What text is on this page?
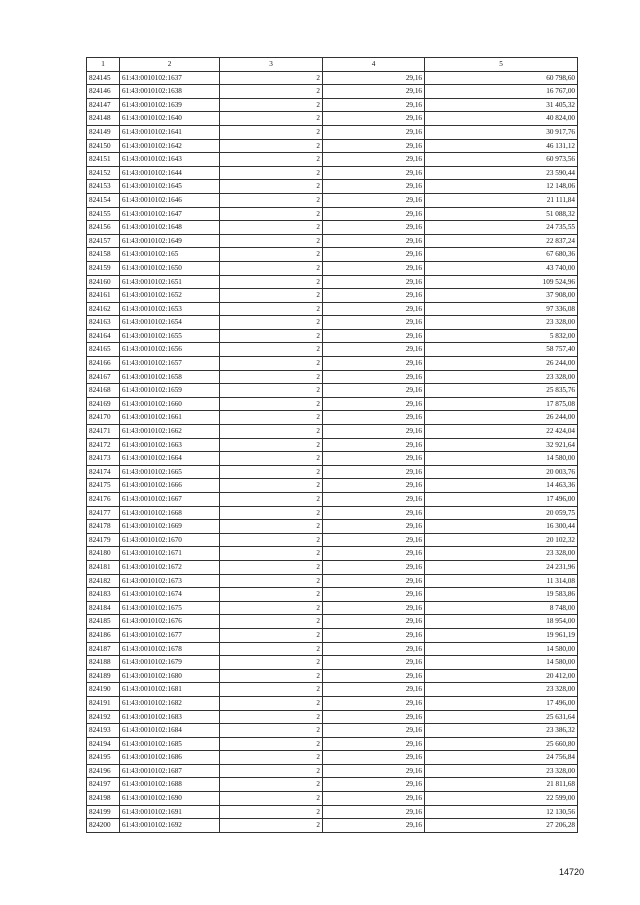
1	2	3	4	5
824145	61:43:0010102:1637	2	29,16	60 798,60
824146	61:43:0010102:1638	2	29,16	16 767,00
824147	61:43:0010102:1639	2	29,16	31 405,32
824148	61:43:0010102:1640	2	29,16	40 824,00
824149	61:43:0010102:1641	2	29,16	30 917,76
824150	61:43:0010102:1642	2	29,16	46 131,12
824151	61:43:0010102:1643	2	29,16	60 973,56
824152	61:43:0010102:1644	2	29,16	23 590,44
824153	61:43:0010102:1645	2	29,16	12 148,06
824154	61:43:0010102:1646	2	29,16	21 111,84
824155	61:43:0010102:1647	2	29,16	51 088,32
824156	61:43:0010102:1648	2	29,16	24 735,55
824157	61:43:0010102:1649	2	29,16	22 837,24
824158	61:43:0010102:165	2	29,16	67 680,36
824159	61:43:0010102:1650	2	29,16	43 740,00
824160	61:43:0010102:1651	2	29,16	109 524,96
824161	61:43:0010102:1652	2	29,16	37 908,00
824162	61:43:0010102:1653	2	29,16	97 336,08
824163	61:43:0010102:1654	2	29,16	23 328,00
824164	61:43:0010102:1655	2	29,16	5 832,00
824165	61:43:0010102:1656	2	29,16	58 757,40
824166	61:43:0010102:1657	2	29,16	26 244,00
824167	61:43:0010102:1658	2	29,16	23 328,00
824168	61:43:0010102:1659	2	29,16	25 835,76
824169	61:43:0010102:1660	2	29,16	17 875,08
824170	61:43:0010102:1661	2	29,16	26 244,00
824171	61:43:0010102:1662	2	29,16	22 424,04
824172	61:43:0010102:1663	2	29,16	32 921,64
824173	61:43:0010102:1664	2	29,16	14 580,00
824174	61:43:0010102:1665	2	29,16	20 003,76
824175	61:43:0010102:1666	2	29,16	14 463,36
824176	61:43:0010102:1667	2	29,16	17 496,00
824177	61:43:0010102:1668	2	29,16	20 059,75
824178	61:43:0010102:1669	2	29,16	16 300,44
824179	61:43:0010102:1670	2	29,16	20 102,32
824180	61:43:0010102:1671	2	29,16	23 328,00
824181	61:43:0010102:1672	2	29,16	24 231,96
824182	61:43:0010102:1673	2	29,16	11 314,08
824183	61:43:0010102:1674	2	29,16	19 583,86
824184	61:43:0010102:1675	2	29,16	8 748,00
824185	61:43:0010102:1676	2	29,16	18 954,00
824186	61:43:0010102:1677	2	29,16	19 961,19
824187	61:43:0010102:1678	2	29,16	14 580,00
824188	61:43:0010102:1679	2	29,16	14 580,00
824189	61:43:0010102:1680	2	29,16	20 412,00
824190	61:43:0010102:1681	2	29,16	23 328,00
824191	61:43:0010102:1682	2	29,16	17 496,00
824192	61:43:0010102:1683	2	29,16	25 631,64
824193	61:43:0010102:1684	2	29,16	23 386,32
824194	61:43:0010102:1685	2	29,16	25 660,80
824195	61:43:0010102:1686	2	29,16	24 756,84
824196	61:43:0010102:1687	2	29,16	23 328,00
824197	61:43:0010102:1688	2	29,16	21 811,68
824198	61:43:0010102:1690	2	29,16	22 599,00
824199	61:43:0010102:1691	2	29,16	12 130,56
824200	61:43:0010102:1692	2	29,16	27 206,28
14720
